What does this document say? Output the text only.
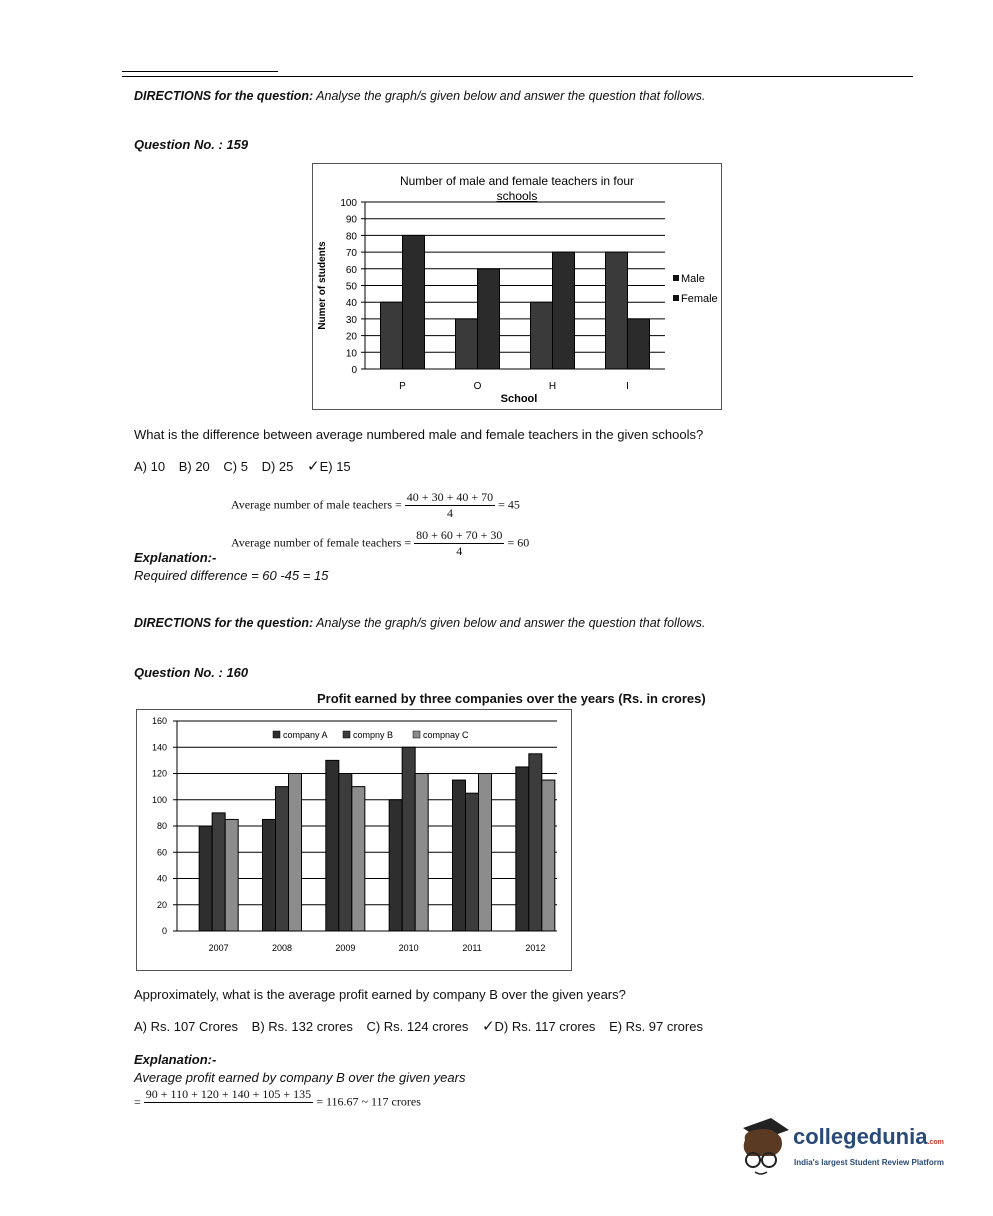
DIRECTIONS for the question: Analyse the graph/s given below and answer the question that follows.
Question No. : 159
Number of male and female teachers in four
schools
0
10
20
30
40
50
60
70
80
90
100
Numer of students
P	O	H	I
School
Male
Female
What is the difference between average numbered male and female teachers in the given schools?
A) 10 B) 20 C) 5 D) 25 ✓E) 15
Average number of male teachers = $\frac{40 + 30 + 40 + 70}{4} = 45$
Average number of female teachers = $\frac{80 + 60 + 70 + 30}{4} = 60$
Explanation:-
Required difference = 60 -45 = 15
DIRECTIONS for the question: Analyse the graph/s given below and answer the question that follows.
Question No. : 160
Profit earned by three companies over the years (Rs. in crores)
0
20
40
60
80
100
120
140
160
2007	2008	2009	2010	2011	2012
company A	compny B	compnay C
Approximately, what is the average profit earned by company B over the given years?
A) Rs. 107 Crores B) Rs. 132 crores C) Rs. 124 crores ✓D) Rs. 117 crores E) Rs. 97 crores
Explanation:-
Average profit earned by company B over the given years
=
90 + 110 + 120 + 140 + 105 + 135

= 116.67 ~ 117 crores
collegedunia.com
India's largest Student Review Platform
